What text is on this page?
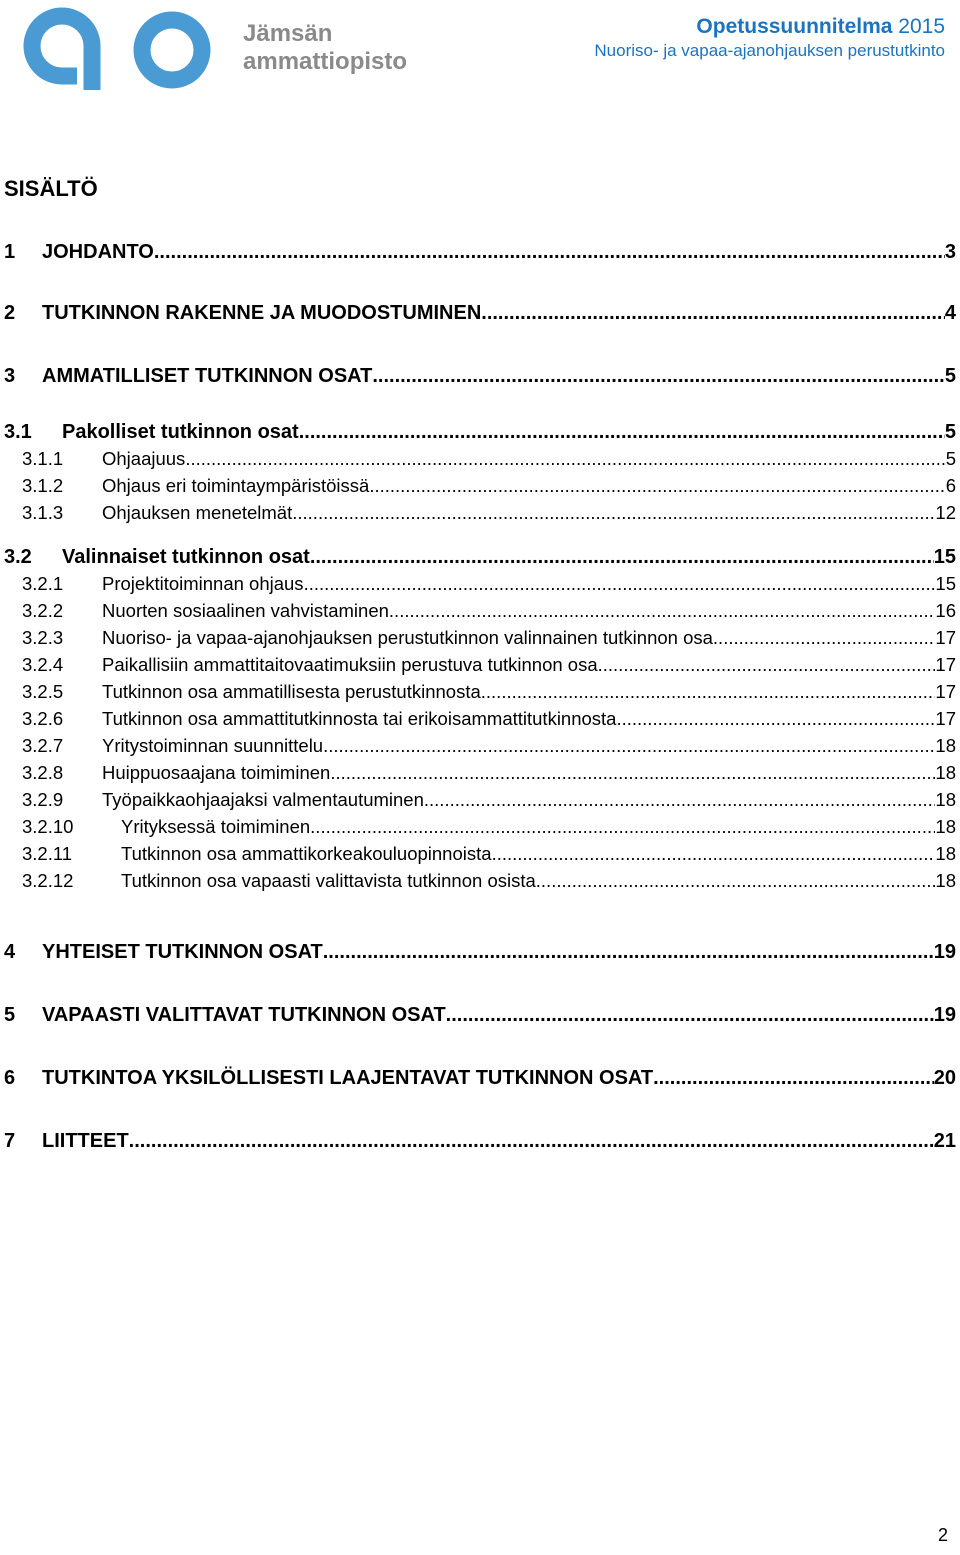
Jämsän
ammattiopisto
Opetussuunnitelma 2015
Nuoriso- ja vapaa-ajanohjauksen perustutkinto
SISÄLTÖ
1	JOHDANTO .....	3
2	TUTKINNON RAKENNE JA MUODOSTUMINEN .....	4
3	AMMATILLISET TUTKINNON OSAT .....	5
3.1	Pakolliset tutkinnon osat .....	5
3.1.1	Ohjaajuus .....	5
3.1.2	Ohjaus eri toimintaympäristöissä .....	6
3.1.3	Ohjauksen menetelmät .....	12
3.2	Valinnaiset tutkinnon osat .....	15
3.2.1	Projektitoiminnan ohjaus .....	15
3.2.2	Nuorten sosiaalinen vahvistaminen .....	16
3.2.3	Nuoriso- ja vapaa-ajanohjauksen perustutkinnon valinnainen tutkinnon osa .....	17
3.2.4	Paikallisiin ammattitaitovaatimuksiin perustuva tutkinnon osa .....	17
3.2.5	Tutkinnon osa ammatillisesta perustutkinnosta .....	17
3.2.6	Tutkinnon osa ammattitutkinnosta tai erikoisammattitutkinnosta .....	17
3.2.7	Yritystoiminnan suunnittelu .....	18
3.2.8	Huippuosaajana toimiminen .....	18
3.2.9	Työpaikkaohjaajaksi valmentautuminen .....	18
3.2.10	Yrityksessä toimiminen .....	18
3.2.11	Tutkinnon osa ammattikorkeakouluopinnoista .....	18
3.2.12	Tutkinnon osa vapaasti valittavista tutkinnon osista .....	18
4	YHTEISET TUTKINNON OSAT .....	19
5	VAPAASTI VALITTAVAT TUTKINNON OSAT .....	19
6	TUTKINTOA YKSILÖLLISESTI LAAJENTAVAT TUTKINNON OSAT .....	20
7	LIITTEET .....	21
2
